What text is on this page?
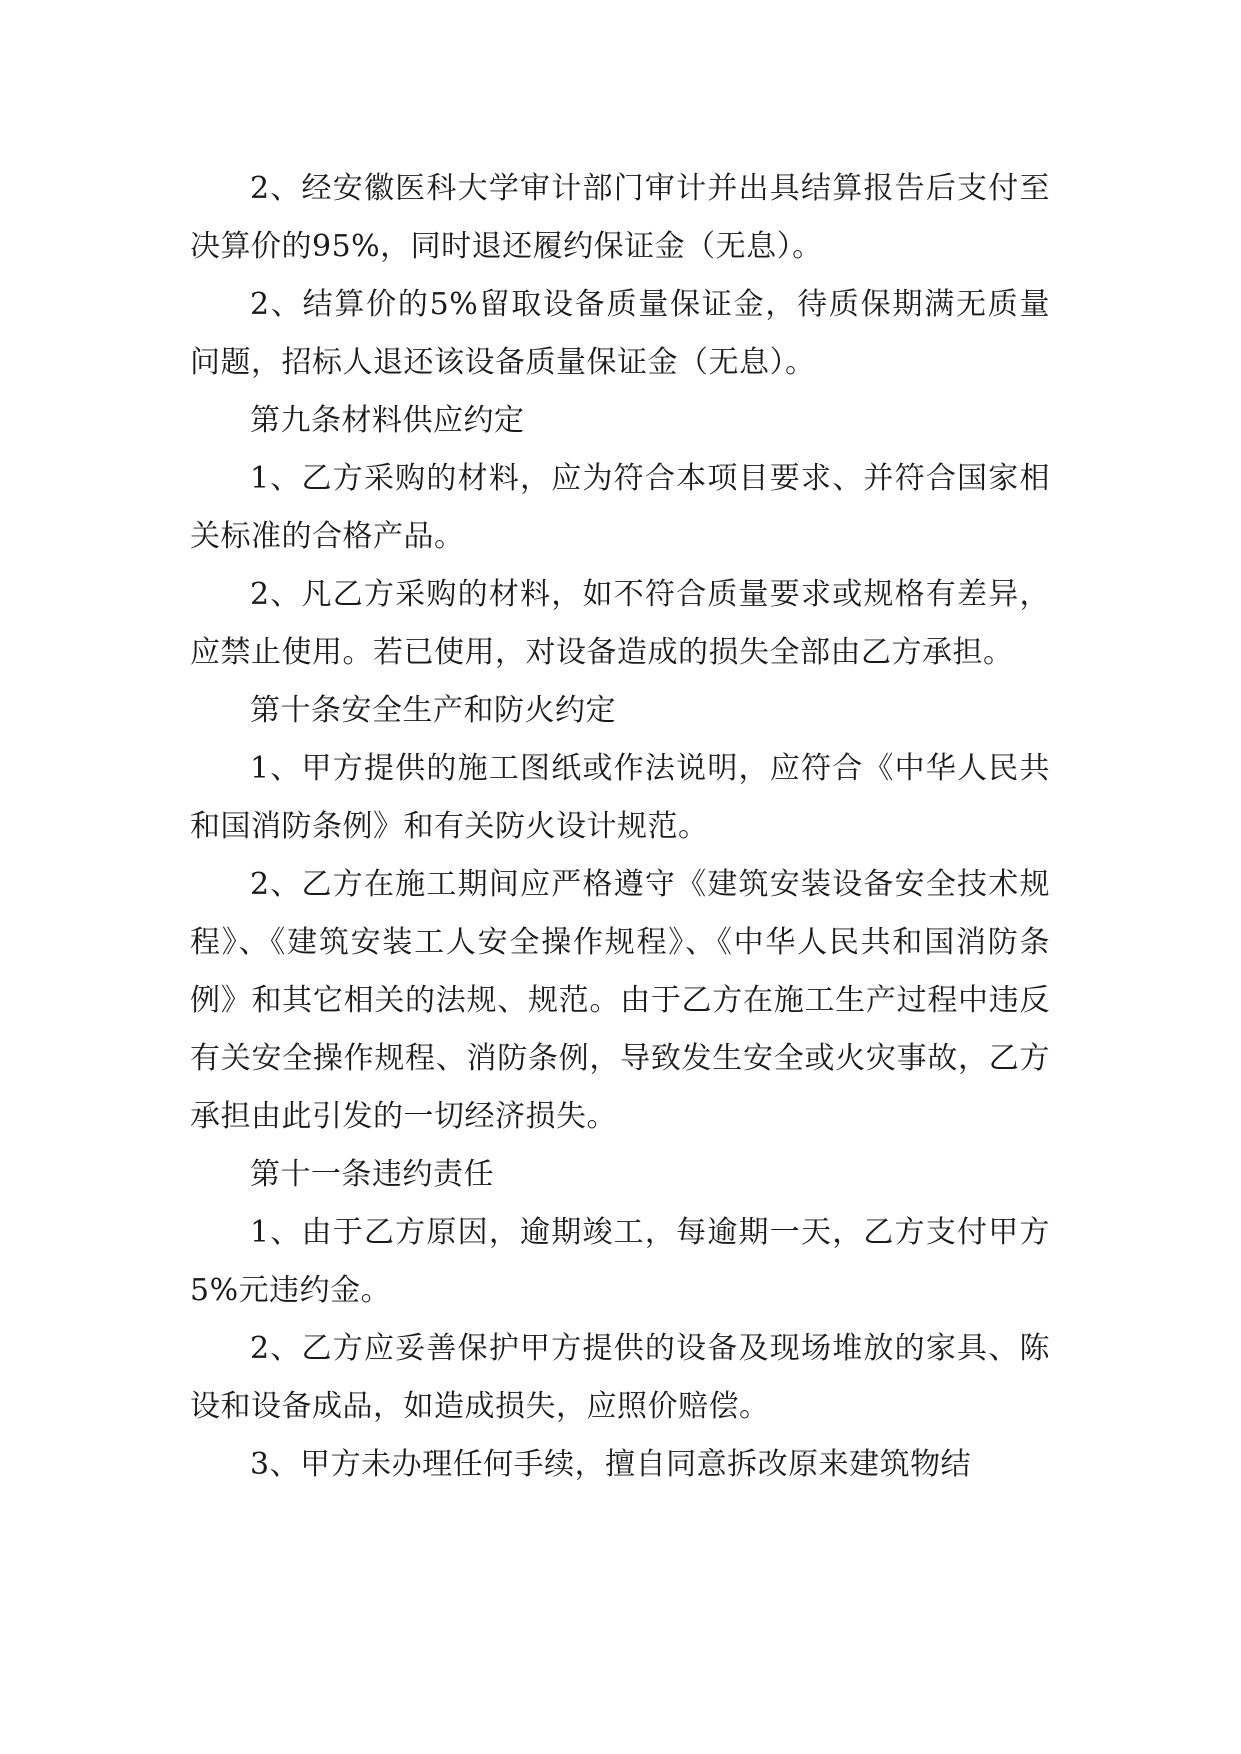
2、经安徽医科大学审计部门审计并出具结算报告后支付至决算价的95%，同时退还履约保证金（无息）。

2、结算价的5%留取设备质量保证金，待质保期满无质量问题，招标人退还该设备质量保证金（无息）。

第九条材料供应约定

1、乙方采购的材料，应为符合本项目要求、并符合国家相关标准的合格产品。

2、凡乙方采购的材料，如不符合质量要求或规格有差异，应禁止使用。若已使用，对设备造成的损失全部由乙方承担。

第十条安全生产和防火约定

1、甲方提供的施工图纸或作法说明，应符合《中华人民共和国消防条例》和有关防火设计规范。

2、乙方在施工期间应严格遵守《建筑安装设备安全技术规程》、《建筑安装工人安全操作规程》、《中华人民共和国消防条例》和其它相关的法规、规范。由于乙方在施工生产过程中违反有关安全操作规程、消防条例，导致发生安全或火灾事故，乙方承担由此引发的一切经济损失。

第十一条违约责任

1、由于乙方原因，逾期竣工，每逾期一天，乙方支付甲方5%元违约金。

2、乙方应妥善保护甲方提供的设备及现场堆放的家具、陈设和设备成品，如造成损失，应照价赔偿。

3、甲方未办理任何手续，擅自同意拆改原来建筑物结
